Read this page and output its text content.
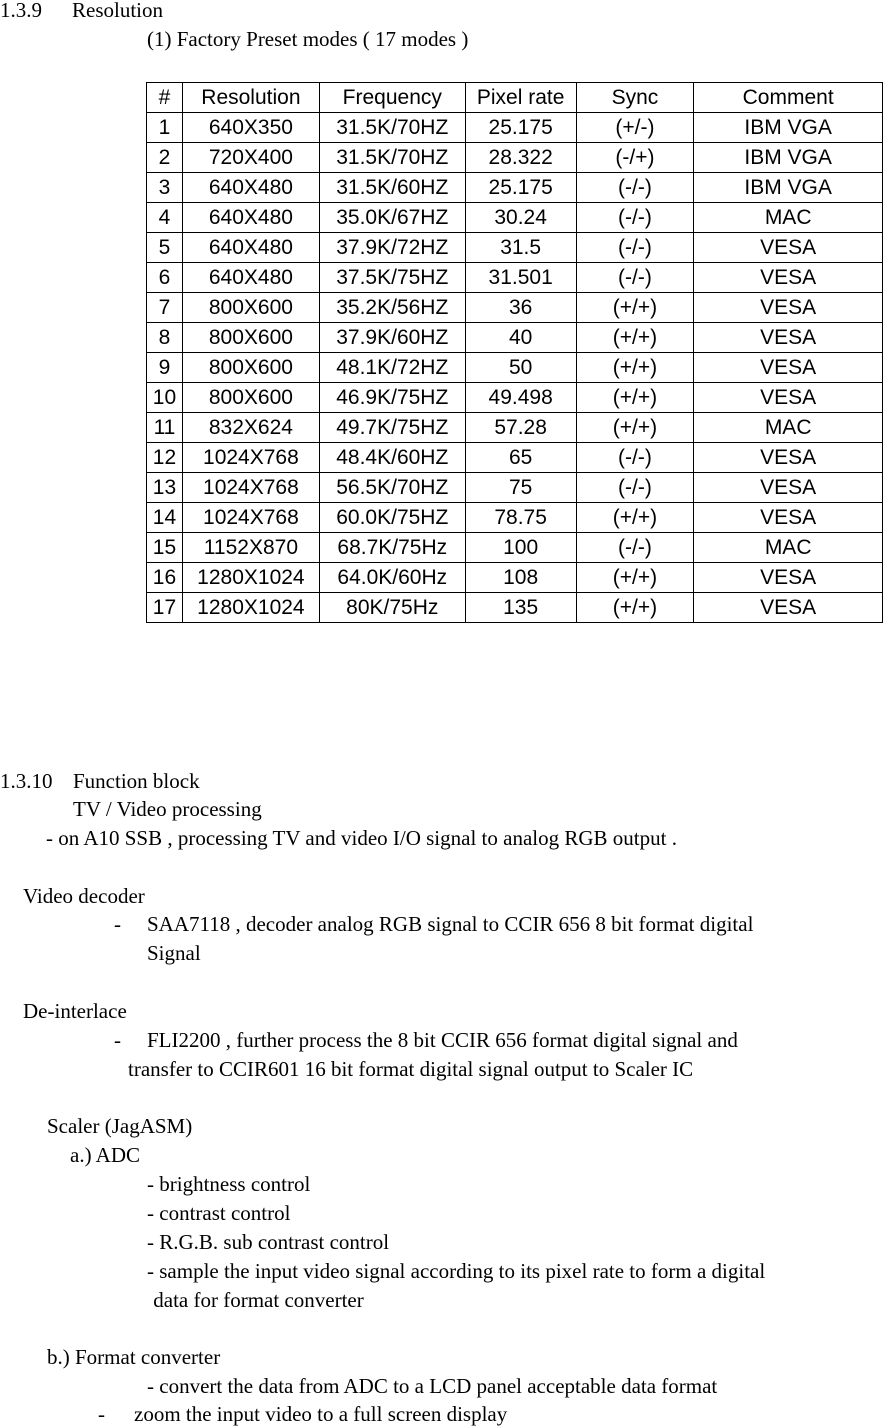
1.3.9 Resolution
(1) Factory Preset modes ( 17 modes )
#	Resolution	Frequency	Pixel rate	Sync	Comment
1	640X350	31.5K/70HZ	25.175	(+/-)	IBM VGA
2	720X400	31.5K/70HZ	28.322	(-/+)	IBM VGA
3	640X480	31.5K/60HZ	25.175	(-/-)	IBM VGA
4	640X480	35.0K/67HZ	30.24	(-/-)	MAC
5	640X480	37.9K/72HZ	31.5	(-/-)	VESA
6	640X480	37.5K/75HZ	31.501	(-/-)	VESA
7	800X600	35.2K/56HZ	36	(+/+)	VESA
8	800X600	37.9K/60HZ	40	(+/+)	VESA
9	800X600	48.1K/72HZ	50	(+/+)	VESA
10	800X600	46.9K/75HZ	49.498	(+/+)	VESA
11	832X624	49.7K/75HZ	57.28	(+/+)	MAC
12	1024X768	48.4K/60HZ	65	(-/-)	VESA
13	1024X768	56.5K/70HZ	75	(-/-)	VESA
14	1024X768	60.0K/75HZ	78.75	(+/+)	VESA
15	1152X870	68.7K/75Hz	100	(-/-)	MAC
16	1280X1024	64.0K/60Hz	108	(+/+)	VESA
17	1280X1024	80K/75Hz	135	(+/+)	VESA
1.3.10 Function block
TV / Video processing
- on A10 SSB , processing TV and video I/O signal to analog RGB output .
Video decoder
- SAA7118 , decoder analog RGB signal to CCIR 656 8 bit format digital
Signal
De-interlace
- FLI2200 , further process the 8 bit CCIR 656 format digital signal and
transfer to CCIR601 16 bit format digital signal output to Scaler IC
Scaler (JagASM)
a.) ADC
- brightness control
- contrast control
- R.G.B. sub contrast control
- sample the input video signal according to its pixel rate to form a digital
data for format converter
b.) Format converter
- convert the data from ADC to a LCD panel acceptable data format
- zoom the input video to a full screen display
